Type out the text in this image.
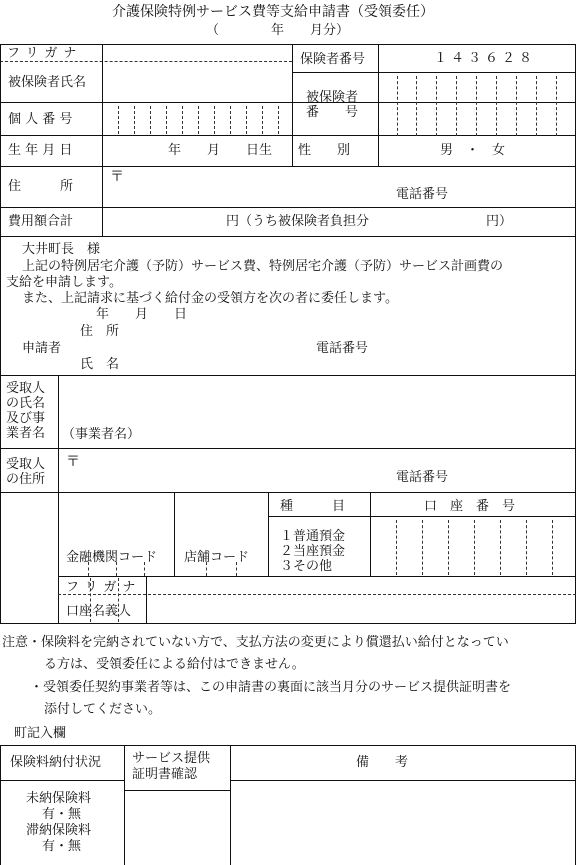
介護保険特例サービス費等支給申請書（受領委任）
（　　　　年　　月分）
フリガナ
被保険者氏名
保険者番号	１４３６２８
被保険者
番　　号
個 人 番 号
生 年 月 日	年　　月　　日生 性　　別	男　・　女
住　　　所
〒
電話番号
費用額合計	円（うち被保険者負担分　　　　　　　　　円）
大井町長　様
上記の特例居宅介護（予防）サービス費、特例居宅介護（予防）サービス計画費の
支給を申請します。
また、上記請求に基づく給付金の受領方を次の者に委任します。
年　　月　　日
住　所
申請者	電話番号
氏　名
受取人
の氏名
及び事
業者名 （事業者名）
受取人
の住所
〒
電話番号
種　　　目	口　座　番　号
１普通預金
２当座預金
３その他
金融機関コード 店舗コード
フリガナ
口座名義人
注意・保険料を完納されていない方で、支払方法の変更により償還払い給付となってい
る方は、受領委任による給付はできません。
・受領委任契約事業者等は、この申請書の裏面に該当月分のサービス提供証明書を
添付してください。
町記入欄
保険料納付状況 サービス提供
証明書確認
備　　考
未納保険料
有・無
滞納保険料
有・無
